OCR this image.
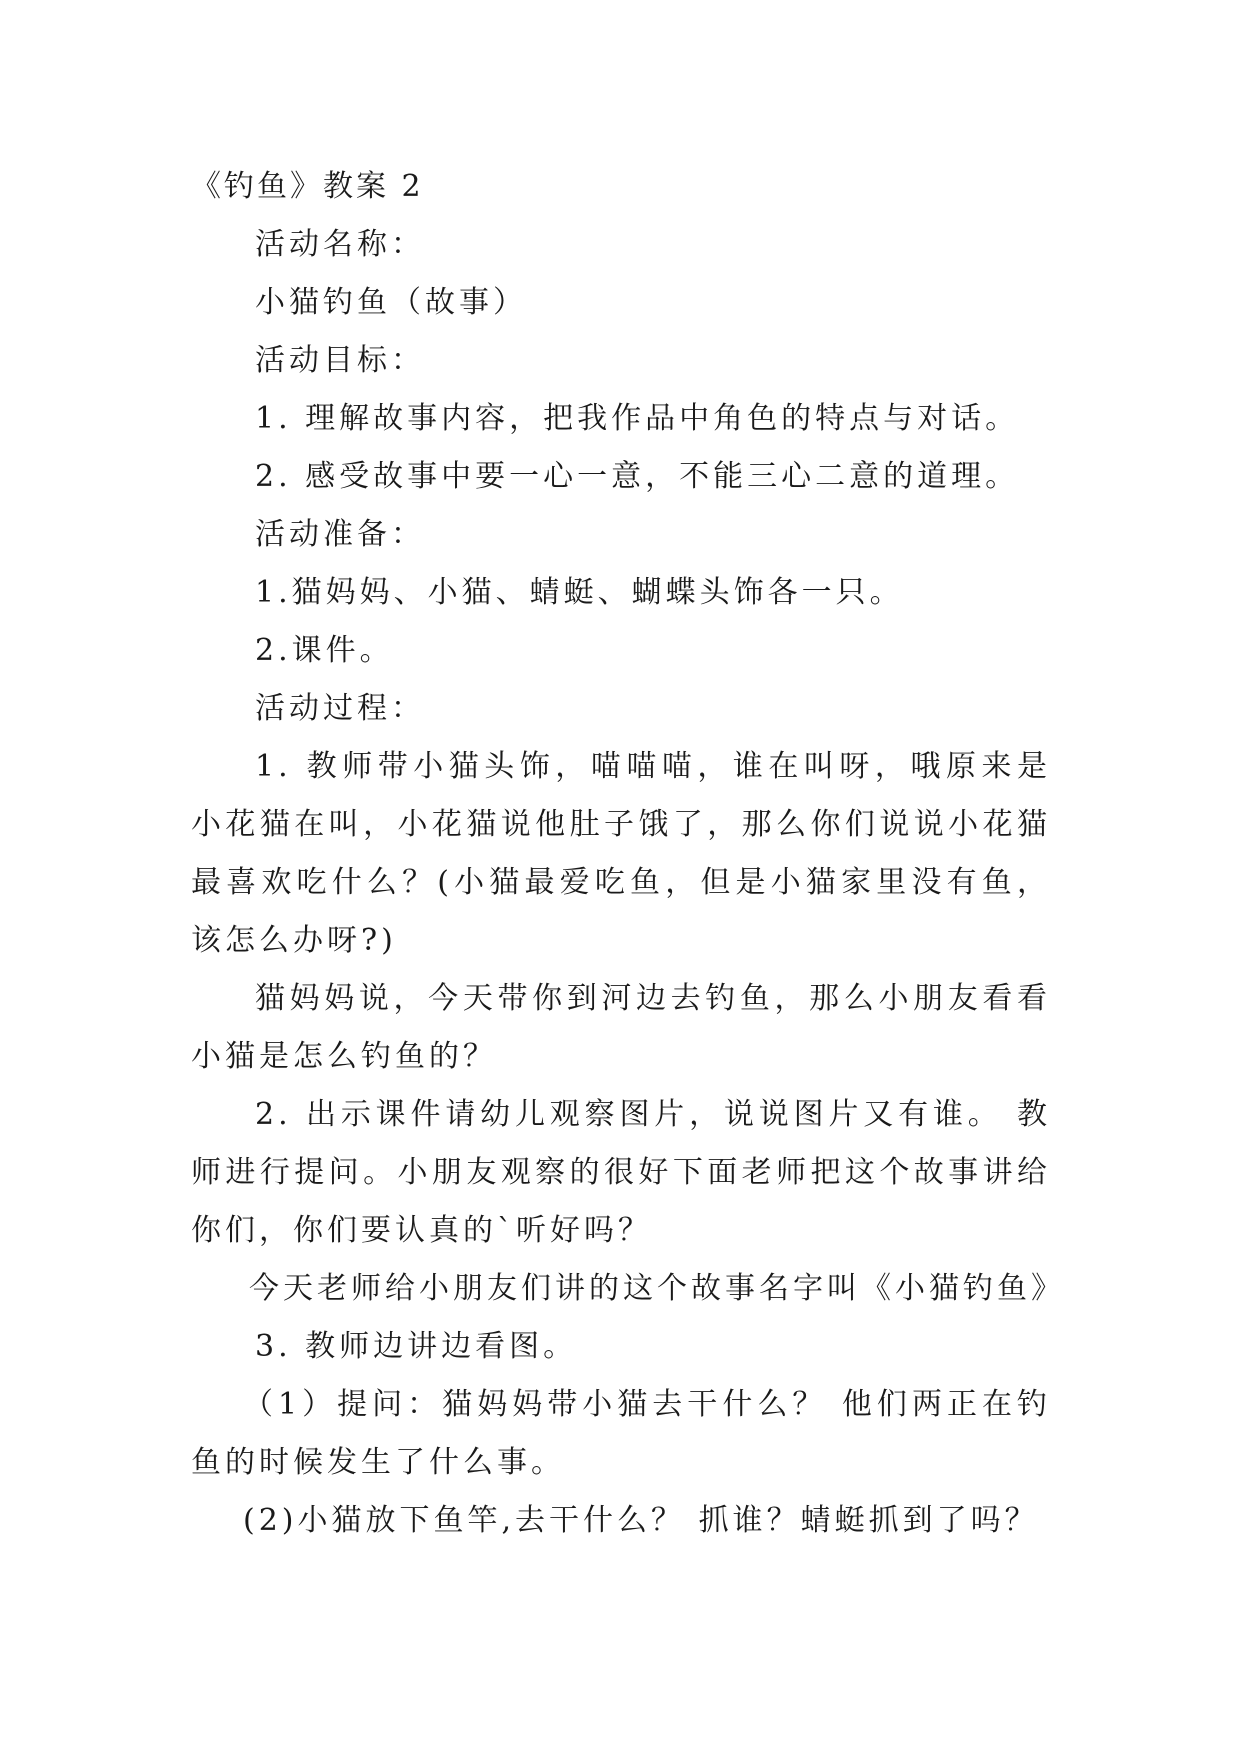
《钓鱼》教案 2

活动名称：

小猫钓鱼（故事）

活动目标：

1. 理解故事内容，把我作品中角色的特点与对话。

2. 感受故事中要一心一意，不能三心二意的道理。

活动准备：

1.猫妈妈、小猫、蜻蜓、蝴蝶头饰各一只。

2.课件。

活动过程：

1. 教师带小猫头饰，喵喵喵，谁在叫呀，哦原来是小花猫在叫，小花猫说他肚子饿了，那么你们说说小花猫最喜欢吃什么？(小猫最爱吃鱼，但是小猫家里没有鱼，该怎么办呀?)

猫妈妈说，今天带你到河边去钓鱼，那么小朋友看看小猫是怎么钓鱼的？

2. 出示课件请幼儿观察图片，说说图片又有谁。 教师进行提问。小朋友观察的很好下面老师把这个故事讲给你们，你们要认真的`听好吗？

今天老师给小朋友们讲的这个故事名字叫《小猫钓鱼》

3. 教师边讲边看图。

（1）提问：猫妈妈带小猫去干什么？ 他们两正在钓鱼的时候发生了什么事。

(2)小猫放下鱼竿,去干什么？ 抓谁？蜻蜓抓到了吗？
